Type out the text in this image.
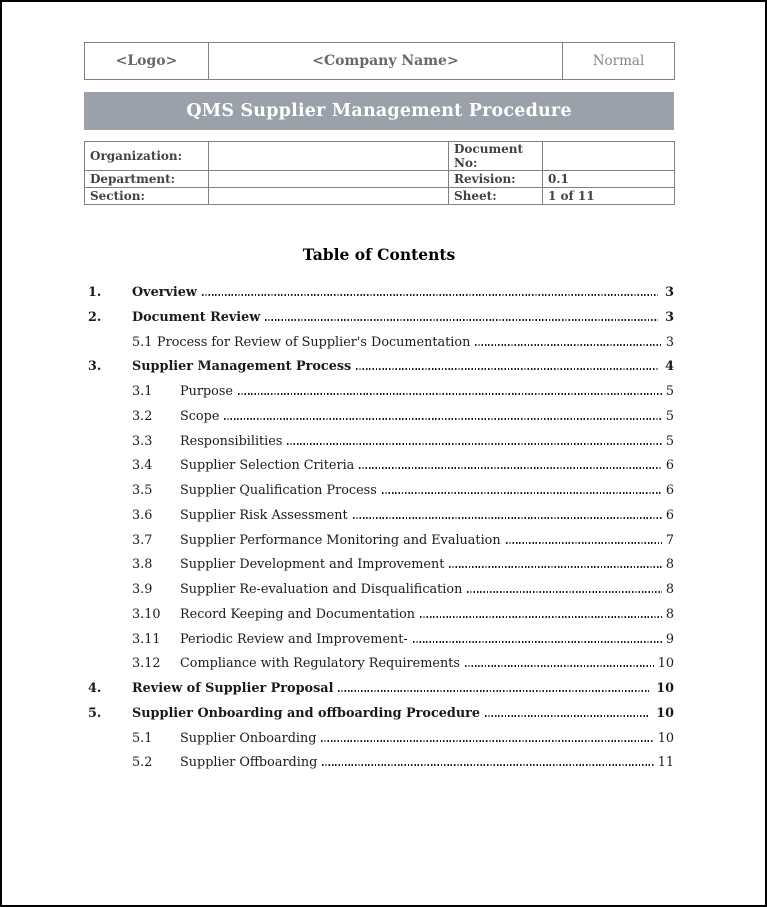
<Logo>	<Company Name>	Normal
QMS Supplier Management Procedure
Organization:		Document No:	
Department:		Revision:	0.1
Section:		Sheet:	1 of 11
Table of Contents
1.	Overview	3
2.	Document Review	3
5.1 Process for Review of Supplier's Documentation	3
3.	Supplier Management Process	4
3.1	Purpose	5
3.2	Scope	5
3.3	Responsibilities	5
3.4	Supplier Selection Criteria	6
3.5	Supplier Qualification Process	6
3.6	Supplier Risk Assessment	6
3.7	Supplier Performance Monitoring and Evaluation	7
3.8	Supplier Development and Improvement	8
3.9	Supplier Re-evaluation and Disqualification	8
3.10	Record Keeping and Documentation	8
3.11	Periodic Review and Improvement-	9
3.12	Compliance with Regulatory Requirements	10
4.	Review of Supplier Proposal	10
5.	Supplier Onboarding and offboarding Procedure	10
5.1	Supplier Onboarding	10
5.2	Supplier Offboarding	11
